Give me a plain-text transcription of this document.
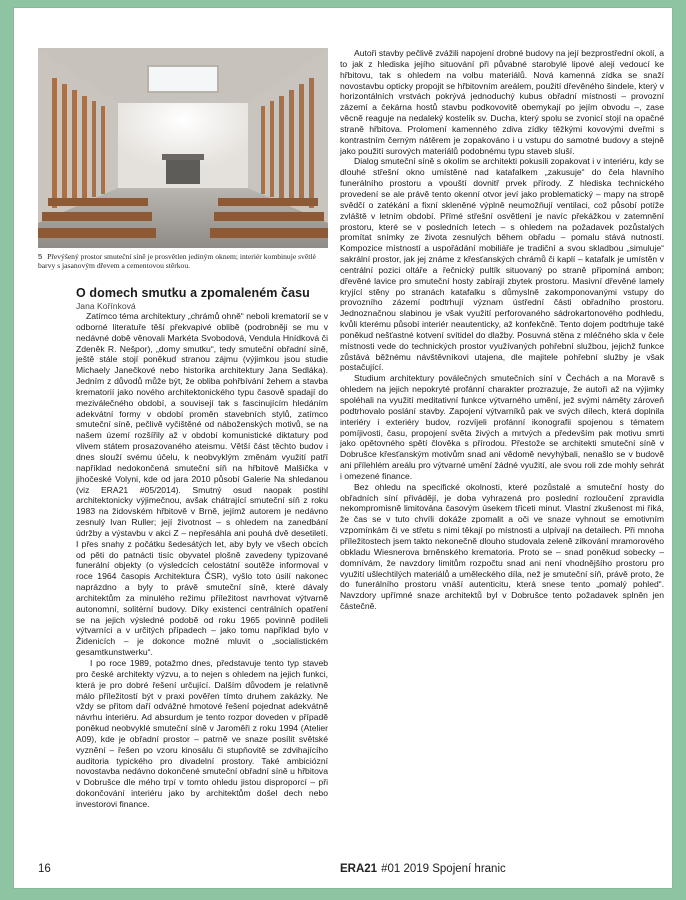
5 Převýšený prostor smuteční síně je prosvětlen jediným oknem; interiér kombinuje světlé barvy s jasanovým dřevem a cementovou stěrkou.
O domech smutku a zpomaleném času
Jana Kořínková

Zatímco téma architektury „chrámů ohně“ neboli krematorií se v odborné literatuře těší překvapivé oblibě (podrobněji se mu v nedávné době věnovali Markéta Svobodová, Vendula Hnídková či Zdeněk R. Nešpor), „domy smutku“, tedy smuteční obřadní síně, ještě stále stojí poněkud stranou zájmu (výjimkou jsou studie Michaely Janečkové nebo historika architektury Jana Sedláka). Jedním z důvodů může být, že obliba pohřbívání žehem a stavba krematorií jako nového architektonického typu časově spadají do meziválečného období, a souvisejí tak s fascinujícím hledáním adekvátní formy v období proměn stavebních stylů, zatímco smuteční síně, pečlivě vyčištěné od náboženských motivů, se na našem území rozšířily až v období komunistické diktatury pod vlivem státem prosazovaného ateismu. Větší část těchto budov i dnes slouží svému účelu, k neobvyklým změnám využití patří například nedokončená smuteční síň na hřbitově Malšička v jihočeské Volyni, kde od jara 2010 působí Galerie Na shledanou (viz ERA21 #05/2014). Smutný osud naopak postihl architektonicky výjimečnou, avšak chátrající smuteční síň z roku 1983 na židovském hřbitově v Brně, jejímž autorem je nedávno zesnulý Ivan Ruller; její životnost – s ohledem na zanedbání údržby a výstavbu v akci Z – nepřesáhla ani pouhá dvě desetiletí. I přes snahy z počátku šedesátých let, aby byly ve všech obcích od pěti do patnácti tisíc obyvatel plošně zavedeny typizované funerální objekty (o výsledcích celostátní soutěže informoval v roce 1964 časopis Architektura ČSR), vyšlo toto úsilí nakonec naprázdno a byly to právě smuteční síně, které dávaly architektům za minulého režimu příležitost navrhovat výtvarně autonomní, solitérní budovy. Díky existenci centrálních opatření se na jejich výsledné podobě od roku 1965 povinně podíleli výtvarníci a v určitých případech – jako tomu například bylo v Židenicích – je dokonce možné mluvit o „socialistickém gesamtkunstwerku“.

I po roce 1989, potažmo dnes, představuje tento typ staveb pro české architekty výzvu, a to nejen s ohledem na jejich funkci, která je pro dobré řešení určující. Dalším důvodem je relativně málo příležitostí být v praxi pověřen tímto druhem zakázky. Ne vždy se přitom daří odvážné hmotové řešení pojednat adekvátně návrhu interiéru. Ad absurdum je tento rozpor doveden v případě poněkud neobvyklé smuteční síně v Jaroměři z roku 1994 (Atelier A09), kde je obřadní prostor – patrně ve snaze posílit světské vyznění – řešen po vzoru kinosálu či stupňovitě se zdvihajícího auditoria typického pro divadelní prostory. Také ambiciózní novostavba nedávno dokončené smuteční obřadní síně u hřbitova v Dobrušce dle mého trpí v tomto ohledu jistou disproporcí – při dokončování interiéru jako by architektům došel dech nebo investorovi finance.

Autoři stavby pečlivě zvážili napojení drobné budovy na její bezprostřední okolí, a to jak z hlediska jejího situování při půvabné starobylé lipové aleji vedoucí ke hřbitovu, tak s ohledem na volbu materiálů. Nová kamenná zídka se snaží novostavbu opticky propojit se hřbitovním areálem, použití dřevěného šindele, který v horizontálních vrstvách pokrývá jednoduchý kubus obřadní místnosti – provozní zázemí a čekárna hostů stavbu podkovovitě obemykají po jejím obvodu –, zase věcně reaguje na nedaleký kostelík sv. Ducha, který spolu se zvonicí stojí na opačné straně hřbitova. Prolomení kamenného zdiva zídky těžkými kovovými dveřmi s kontrastním černým nátěrem je zopakováno i u vstupu do samotné budovy a stejně jako použití surových materiálů podobnému typu staveb sluší.

Dialog smuteční síně s okolím se architekti pokusili zopakovat i v interiéru, kdy se dlouhé střešní okno umístěné nad katafalkem „zakusuje“ do čela hlavního funerálního prostoru a vpouští dovnitř prvek přírody. Z hlediska technického provedení se ale právě tento okenní otvor jeví jako problematický – mapy na stropě svědčí o zatékání a fixní skleněné výplně neumožňují ventilaci, což působí potíže zvláště v letním období. Přímé střešní osvětlení je navíc překážkou v zatemnění prostoru, které se v posledních letech – s ohledem na požadavek pozůstalých promítat snímky ze života zesnulých během obřadu – pomalu stává nutností. Kompozice místností a uspořádání mobiliáře je tradiční a svou skladbou „simuluje“ sakrální prostor, jak jej známe z křesťanských chrámů či kaplí – katafalk je umístěn v centrální pozici oltáře a řečnický pultík situovaný po straně připomíná ambon; dřevěné lavice pro smuteční hosty zabírají zbytek prostoru. Masivní dřevěné lamely kryjící stěny po stranách katafalku s důmyslně zakomponovanými vstupy do provozního zázemí podtrhují význam ústřední části obřadního prostoru. Jednoznačnou slabinou je však využití perforovaného sádrokartonového podhledu, kvůli kterému působí interiér neautenticky, až konfekčně. Tento dojem podtrhuje také poněkud nešťastné kotvení svítidel do dlažby. Posuvná stěna z mléčného skla v čele místnosti vede do technických prostor využívaných pohřební službou, jejichž funkce zůstává běžnému návštěvníkovi utajena, dle majitele pohřební služby je však postačující.

Studium architektury poválečných smutečních síní v Čechách a na Moravě s ohledem na jejich nepokryté profánní charakter prozrazuje, že autoři až na výjimky spoléhali na využití meditativní funkce výtvarného umění, jež svými náměty zároveň podtrhovalo poslání stavby. Zapojení výtvarníků pak ve svých dílech, která doplnila interiéry i exteriéry budov, rozvíjeli profánní ikonografii spojenou s tématem pomíjivosti, času, propojení světa živých a mrtvých a především pak motivu smrti jako opětovného spětí člověka s přírodou. Přestože se architekti smuteční síně v Dobrušce křesťanským motivům snad ani vědomě nevyhýbali, nenašlo se v budově ani přílehlém areálu pro výtvarné umění žádné využití, ale svou roli zde mohly sehrát i omezené finance.

Bez ohledu na specifické okolnosti, které pozůstalé a smuteční hosty do obřadních síní přivádějí, je doba vyhrazená pro poslední rozloučení zpravidla nekompromisně limitována časovým úsekem třiceti minut. Vlastní zkušenost mi říká, že čas se v tuto chvíli dokáže zpomalit a oči ve snaze vyhnout se emotivním vzpomínkám či ve střetu s nimi těkají po místnosti a ulpívají na detailech. Při mnoha příležitostech jsem takto nekonečně dlouho studovala zeleně zilkování mramorového obkladu Wiesnerova brněnského krematoria. Proto se – snad poněkud sobecky – domnívám, že navzdory limitům rozpočtu snad ani není vhodnějšího prostoru pro využití ušlechtilých materiálů a uměleckého díla, než je smuteční síň, právě proto, že do funerálního prostoru vnáší autenticitu, která snese tento „pomalý pohled“. Navzdory upřímné snaze architektů byl v Dobrušce tento požadavek splněn jen částečně.

16	ERA21 #01 2019 Spojení hranic
